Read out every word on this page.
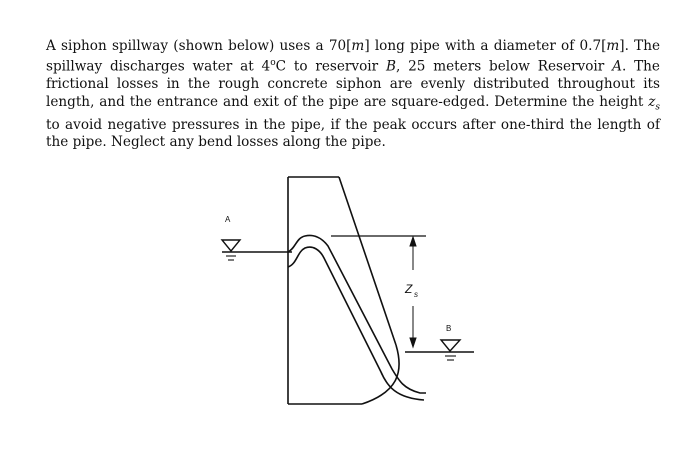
A siphon spillway (shown below) uses a 70[m] long pipe with a diameter of 0.7[m]. The spillway discharges water at 4$^o$C to reservoir B, 25 meters below Reservoir A. The frictional losses in the rough concrete siphon are evenly distributed throughout its length, and the entrance and exit of the pipe are square-edged. Determine the height $z_s$ to avoid negative pressures in the pipe, if the peak occurs after one-third the length of the pipe. Neglect any bend losses along the pipe.

A
B
Z s
